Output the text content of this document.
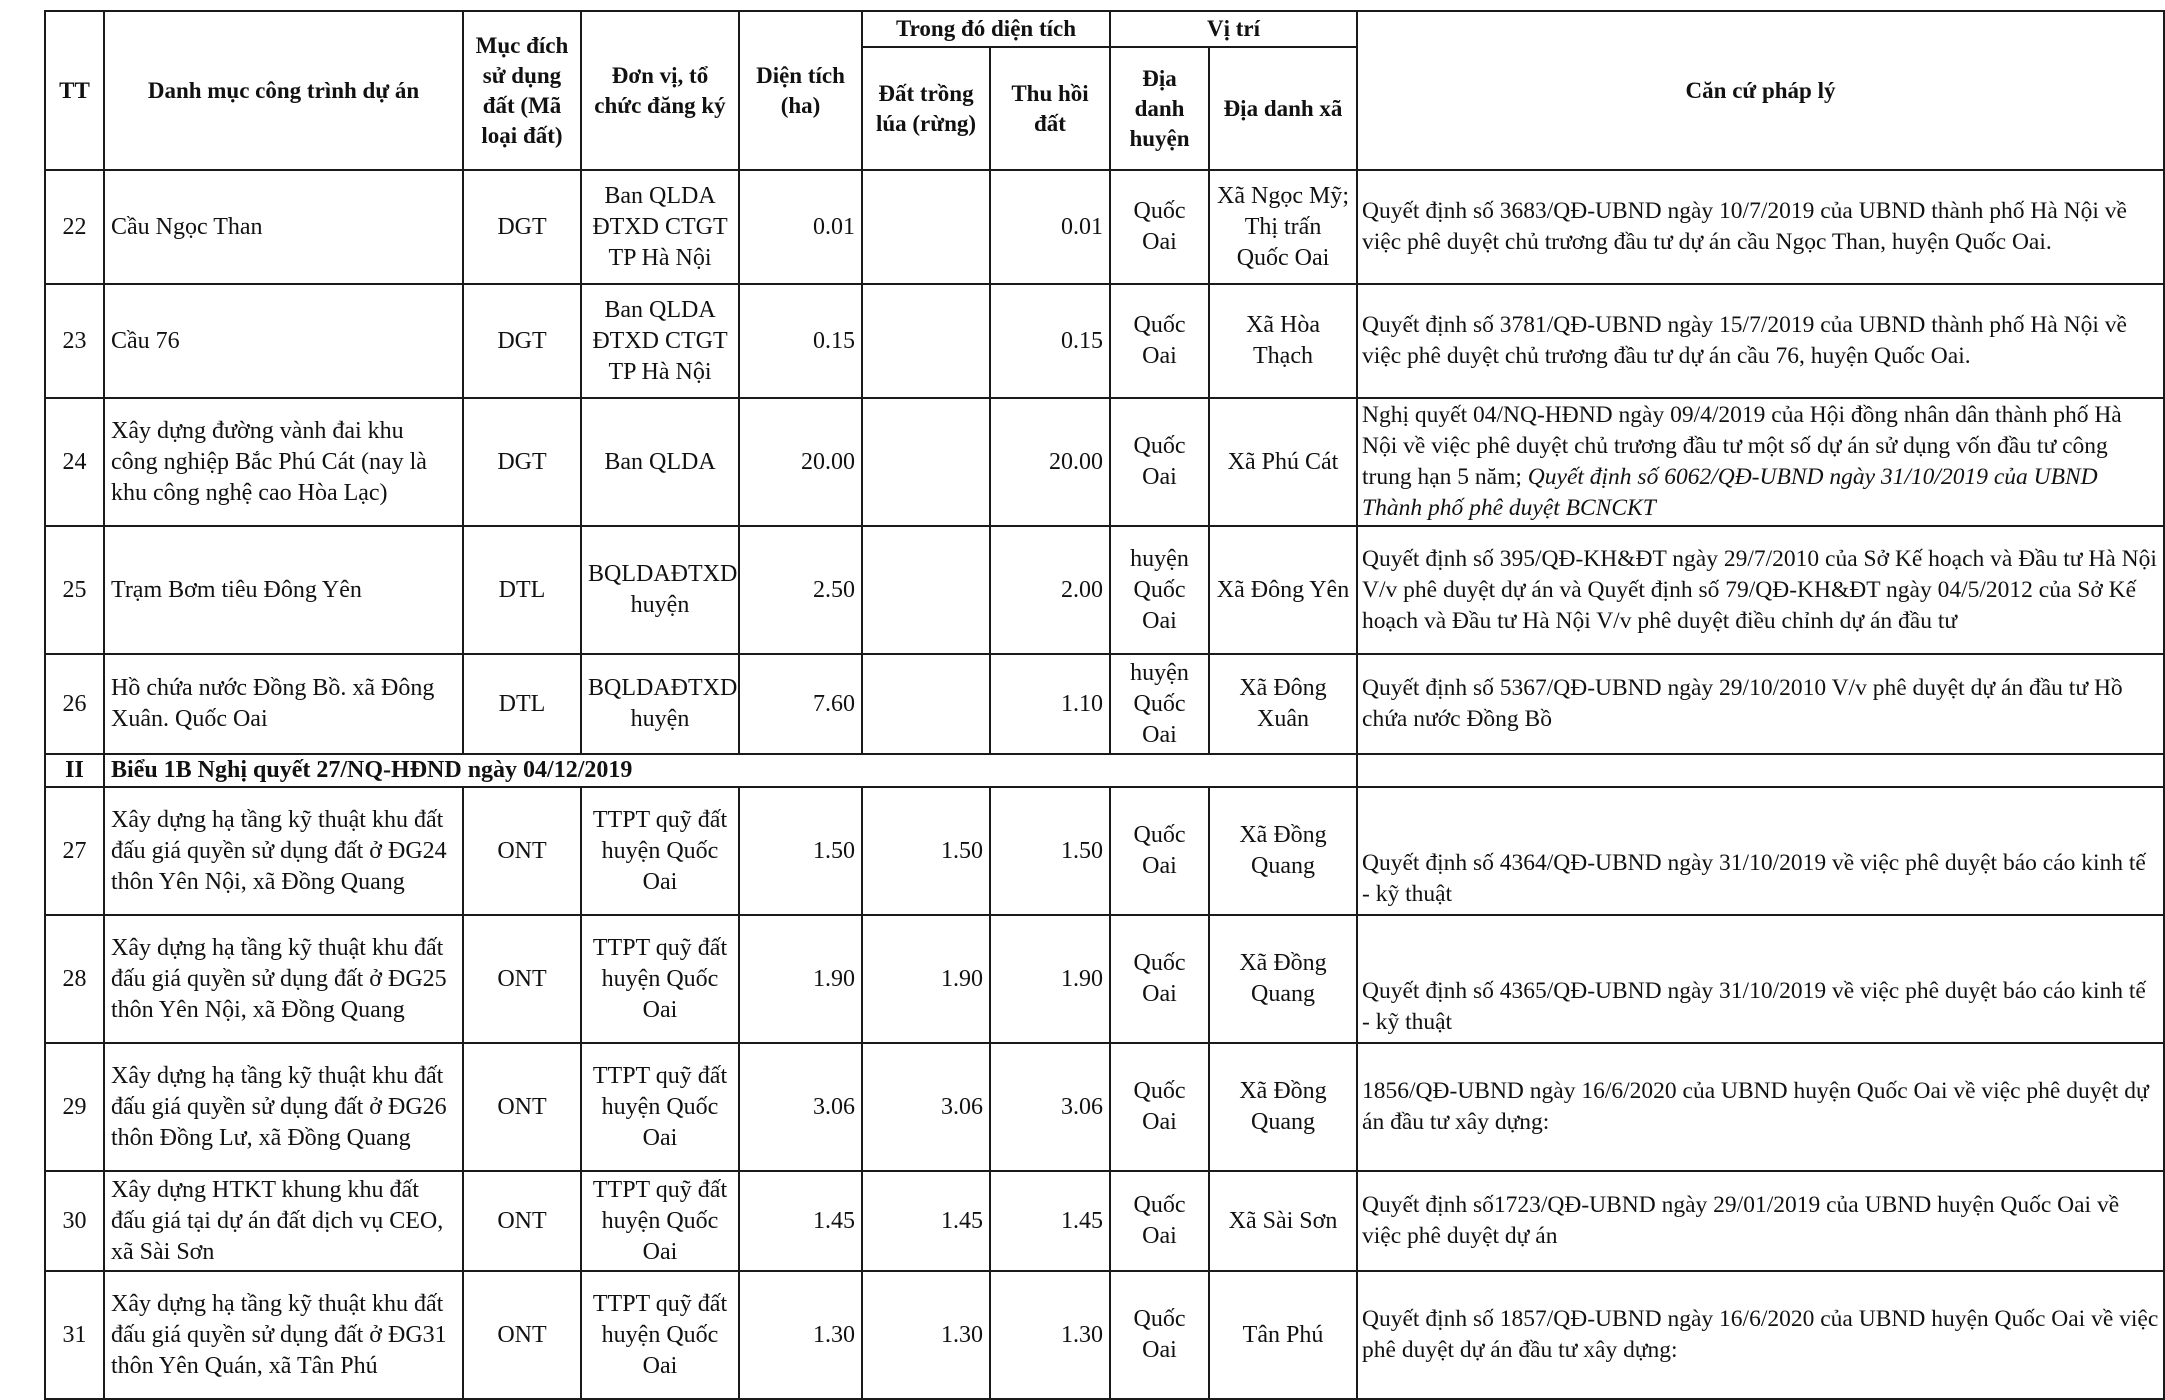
TT	Danh mục công trình dự án	Mục đích sử dụng đất (Mã loại đất)	Đơn vị, tổ chức đăng ký	Diện tích (ha)	Trong đó diện tích		Vị trí		Căn cứ pháp lý
					Đất trồng lúa (rừng)	Thu hồi đất	Địa danh huyện	Địa danh xã	
22	Cầu Ngọc Than	DGT	Ban QLDA ĐTXD CTGT TP Hà Nội	0.01		0.01	Quốc Oai	Xã Ngọc Mỹ; Thị trấn Quốc Oai	Quyết định số 3683/QĐ-UBND ngày 10/7/2019 của UBND thành phố Hà Nội về việc phê duyệt chủ trương đầu tư dự án cầu Ngọc Than, huyện Quốc Oai.
23	Cầu 76	DGT	Ban QLDA ĐTXD CTGT TP Hà Nội	0.15		0.15	Quốc Oai	Xã Hòa Thạch	Quyết định số 3781/QĐ-UBND ngày 15/7/2019 của UBND thành phố Hà Nội về việc phê duyệt chủ trương đầu tư dự án cầu 76, huyện Quốc Oai.
24	Xây dựng đường vành đai khu công nghiệp Bắc Phú Cát (nay là khu công nghệ cao Hòa Lạc)	DGT	Ban QLDA	20.00		20.00	Quốc Oai	Xã Phú Cát	Nghị quyết 04/NQ-HĐND ngày 09/4/2019 của Hội đồng nhân dân thành phố Hà Nội về việc phê duyệt chủ trương đầu tư một số dự án sử dụng vốn đầu tư công trung hạn 5 năm; Quyết định số 6062/QĐ-UBND ngày 31/10/2019 của UBND Thành phố phê duyệt BCNCKT
25	Trạm Bơm tiêu Đông Yên	DTL	BQLDAĐTXD huyện	2.50		2.00	huyện Quốc Oai	Xã Đông Yên	Quyết định số 395/QĐ-KH&ĐT ngày 29/7/2010 của Sở Kế hoạch và Đầu tư Hà Nội V/v phê duyệt dự án và Quyết định số 79/QĐ-KH&ĐT ngày 04/5/2012 của Sở Kế hoạch và Đầu tư Hà Nội V/v phê duyệt điều chỉnh dự án đầu tư
26	Hồ chứa nước Đồng Bồ. xã Đông Xuân. Quốc Oai	DTL	BQLDAĐTXD huyện	7.60		1.10	huyện Quốc Oai	Xã Đông Xuân	Quyết định số 5367/QĐ-UBND ngày 29/10/2010 V/v phê duyệt dự án đầu tư Hồ chứa nước Đồng Bồ
II	Biểu 1B Nghị quyết 27/NQ-HĐND ngày 04/12/2019								
27	Xây dựng hạ tầng kỹ thuật khu đất đấu giá quyền sử dụng đất ở ĐG24 thôn Yên Nội, xã Đồng Quang	ONT	TTPT quỹ đất huyện Quốc Oai	1.50	1.50	1.50	Quốc Oai	Xã Đồng Quang	Quyết định số 4364/QĐ-UBND ngày 31/10/2019 về việc phê duyệt báo cáo kinh tế - kỹ thuật
28	Xây dựng hạ tầng kỹ thuật khu đất đấu giá quyền sử dụng đất ở ĐG25 thôn Yên Nội, xã Đồng Quang	ONT	TTPT quỹ đất huyện Quốc Oai	1.90	1.90	1.90	Quốc Oai	Xã Đồng Quang	Quyết định số 4365/QĐ-UBND ngày 31/10/2019 về việc phê duyệt báo cáo kinh tế - kỹ thuật
29	Xây dựng hạ tầng kỹ thuật khu đất đấu giá quyền sử dụng đất ở ĐG26 thôn Đồng Lư, xã Đồng Quang	ONT	TTPT quỹ đất huyện Quốc Oai	3.06	3.06	3.06	Quốc Oai	Xã Đồng Quang	1856/QĐ-UBND ngày 16/6/2020 của UBND huyện Quốc Oai về việc phê duyệt dự án đầu tư xây dựng:
30	Xây dựng HTKT khung khu đất đấu giá tại dự án đất dịch vụ CEO, xã Sài Sơn	ONT	TTPT quỹ đất huyện Quốc Oai	1.45	1.45	1.45	Quốc Oai	Xã Sài Sơn	Quyết định số1723/QĐ-UBND ngày 29/01/2019 của UBND huyện Quốc Oai về việc phê duyệt dự án
31	Xây dựng hạ tầng kỹ thuật khu đất đấu giá quyền sử dụng đất ở ĐG31 thôn Yên Quán, xã Tân Phú	ONT	TTPT quỹ đất huyện Quốc Oai	1.30	1.30	1.30	Quốc Oai	Tân Phú	Quyết định số 1857/QĐ-UBND ngày 16/6/2020 của UBND huyện Quốc Oai về việc phê duyệt dự án đầu tư xây dựng:
